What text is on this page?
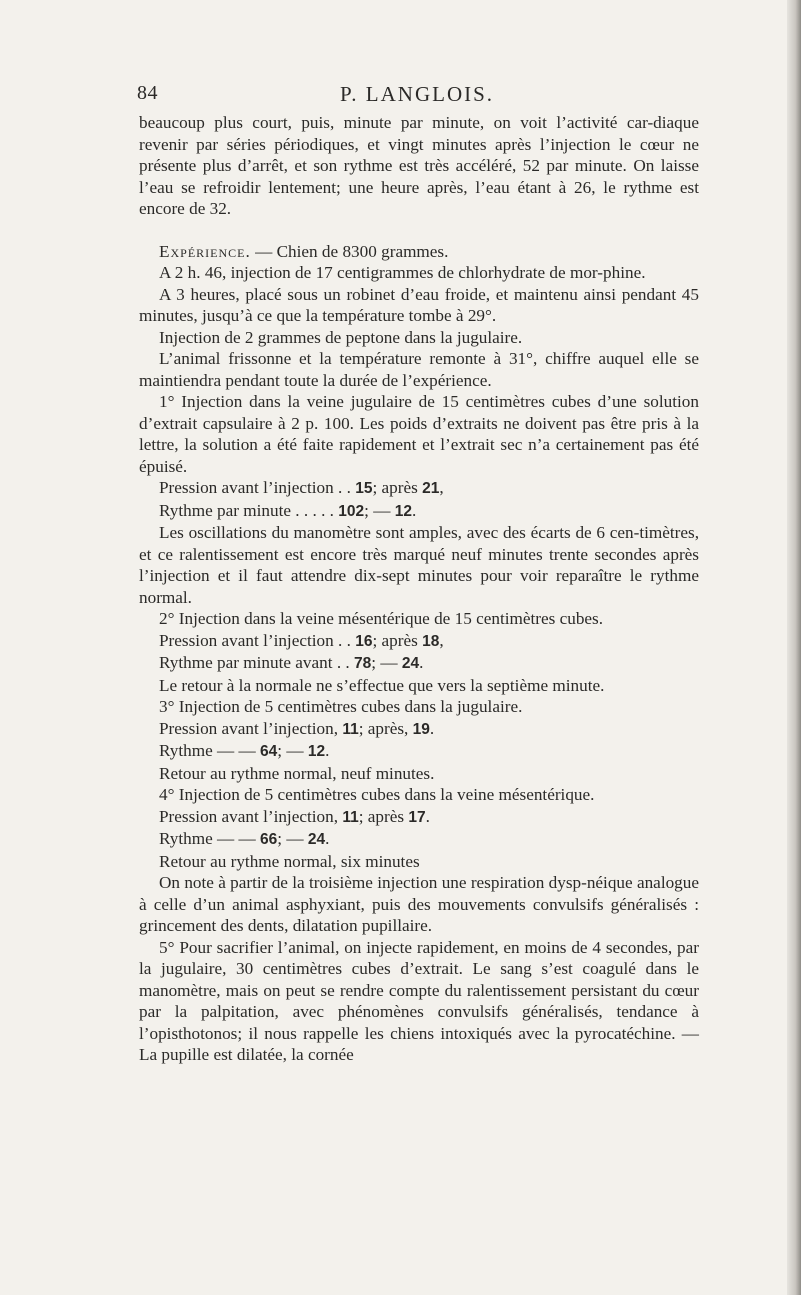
84	P. LANGLOIS.

beaucoup plus court, puis, minute par minute, on voit l’activité car-diaque revenir par séries périodiques, et vingt minutes après l’injection le cœur ne présente plus d’arrêt, et son rythme est très accéléré, 52 par minute. On laisse l’eau se refroidir lentement; une heure après, l’eau étant à 26, le rythme est encore de 32.

Expérience. — Chien de 8300 grammes.

A 2 h. 46, injection de 17 centigrammes de chlorhydrate de mor-phine.

A 3 heures, placé sous un robinet d’eau froide, et maintenu ainsi pendant 45 minutes, jusqu’à ce que la température tombe à 29°.

Injection de 2 grammes de peptone dans la jugulaire.

L’animal frissonne et la température remonte à 31°, chiffre auquel elle se maintiendra pendant toute la durée de l’expérience.

1° Injection dans la veine jugulaire de 15 centimètres cubes d’une solution d’extrait capsulaire à 2 p. 100. Les poids d’extraits ne doivent pas être pris à la lettre, la solution a été faite rapidement et l’extrait sec n’a certainement pas été épuisé.

Pression avant l’injection . . 15; après 21,

Rythme par minute . . . . . 102; — 12.

Les oscillations du manomètre sont amples, avec des écarts de 6 cen-timètres, et ce ralentissement est encore très marqué neuf minutes trente secondes après l’injection et il faut attendre dix-sept minutes pour voir reparaître le rythme normal.

2° Injection dans la veine mésentérique de 15 centimètres cubes.

Pression avant l’injection . . 16; après 18,

Rythme par minute avant . . 78; — 24.

Le retour à la normale ne s’effectue que vers la septième minute.

3° Injection de 5 centimètres cubes dans la jugulaire.

Pression avant l’injection, 11; après, 19.

Rythme — — 64; — 12.

Retour au rythme normal, neuf minutes.

4° Injection de 5 centimètres cubes dans la veine mésentérique.

Pression avant l’injection, 11; après 17.

Rythme — — 66; — 24.

Retour au rythme normal, six minutes

On note à partir de la troisième injection une respiration dysp-néique analogue à celle d’un animal asphyxiant, puis des mouvements convulsifs généralisés : grincement des dents, dilatation pupillaire.

5° Pour sacrifier l’animal, on injecte rapidement, en moins de 4 secondes, par la jugulaire, 30 centimètres cubes d’extrait. Le sang s’est coagulé dans le manomètre, mais on peut se rendre compte du ralentissement persistant du cœur par la palpitation, avec phénomènes convulsifs généralisés, tendance à l’opisthotonos; il nous rappelle les chiens intoxiqués avec la pyrocatéchine. — La pupille est dilatée, la cornée
